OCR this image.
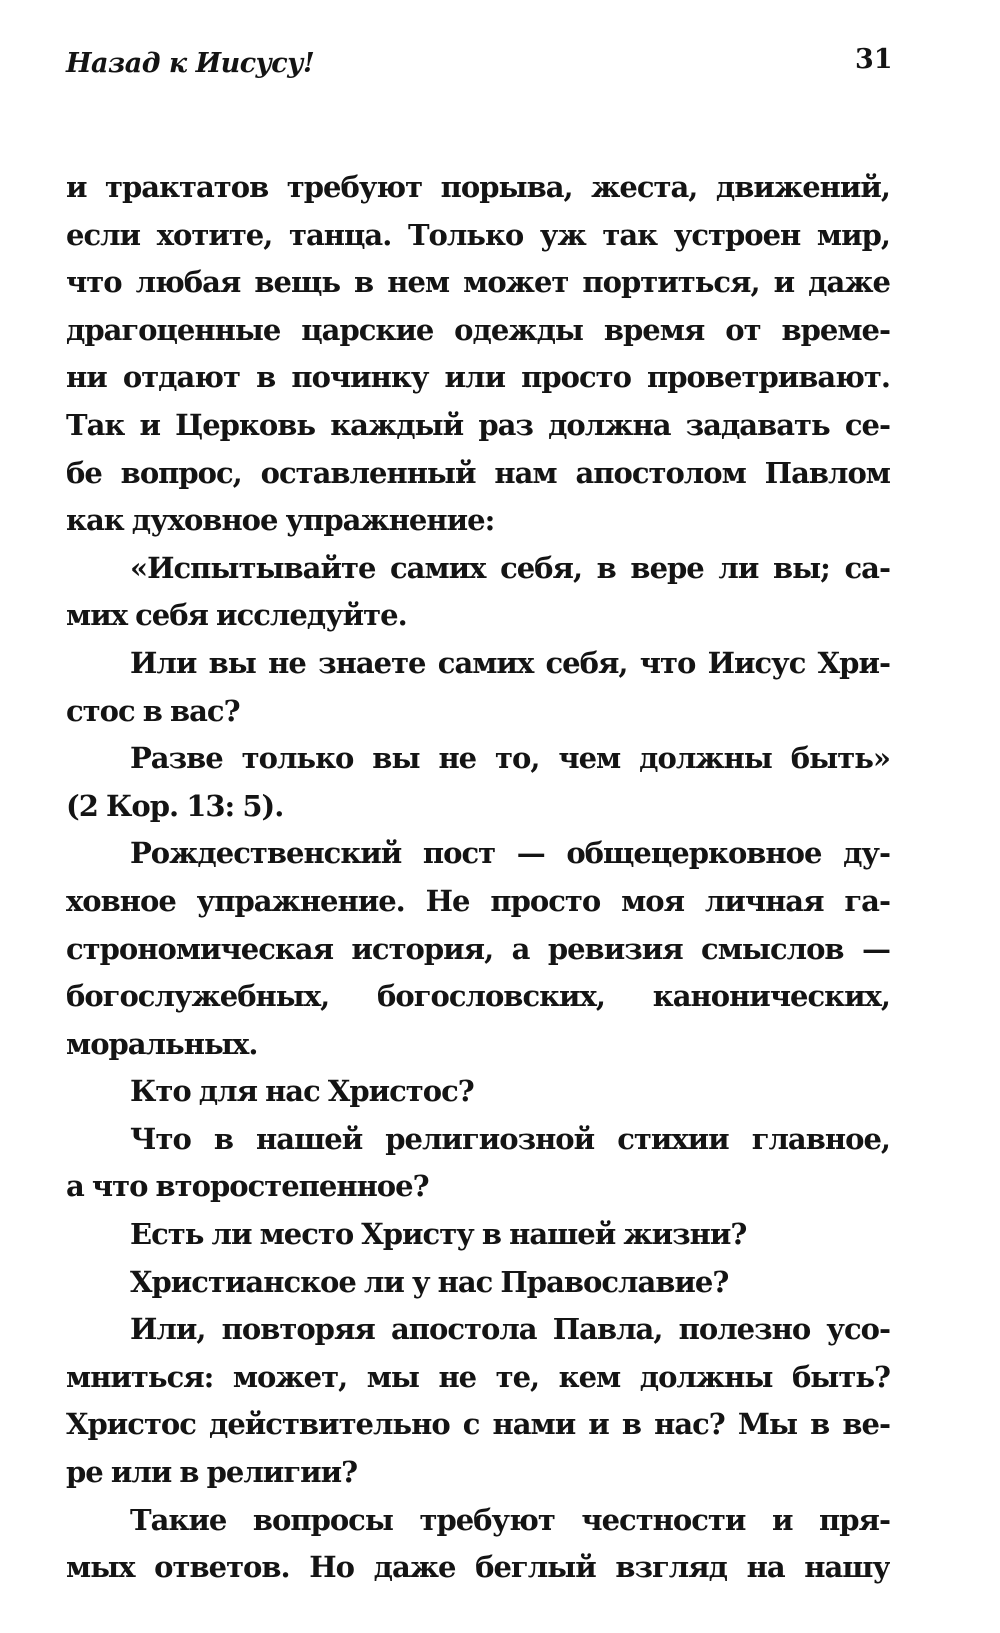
Назад к Иисусу!	31
и трактатов требуют порыва, жеста, движений,
если хотите, танца. Только уж так устроен мир,
что любая вещь в нем может портиться, и даже
драгоценные царские одежды время от време-
ни отдают в починку или просто проветривают.
Так и Церковь каждый раз должна задавать се-
бе вопрос, оставленный нам апостолом Павлом
как духовное упражнение:
«Испытывайте самих себя, в вере ли вы; са-
мих себя исследуйте.
Или вы не знаете самих себя, что Иисус Хри-
стос в вас?
Разве только вы не то, чем должны быть»
(2 Кор. 13: 5).
Рождественский пост — общецерковное ду-
ховное упражнение. Не просто моя личная га-
строномическая история, а ревизия смыслов —
богослужебных, богословских, канонических,
моральных.
Кто для нас Христос?
Что в нашей религиозной стихии главное,
а что второстепенное?
Есть ли место Христу в нашей жизни?
Христианское ли у нас Православие?
Или, повторяя апостола Павла, полезно усо-
мниться: может, мы не те, кем должны быть?
Христос действительно с нами и в нас? Мы в ве-
ре или в религии?
Такие вопросы требуют честности и пря-
мых ответов. Но даже беглый взгляд на нашу
